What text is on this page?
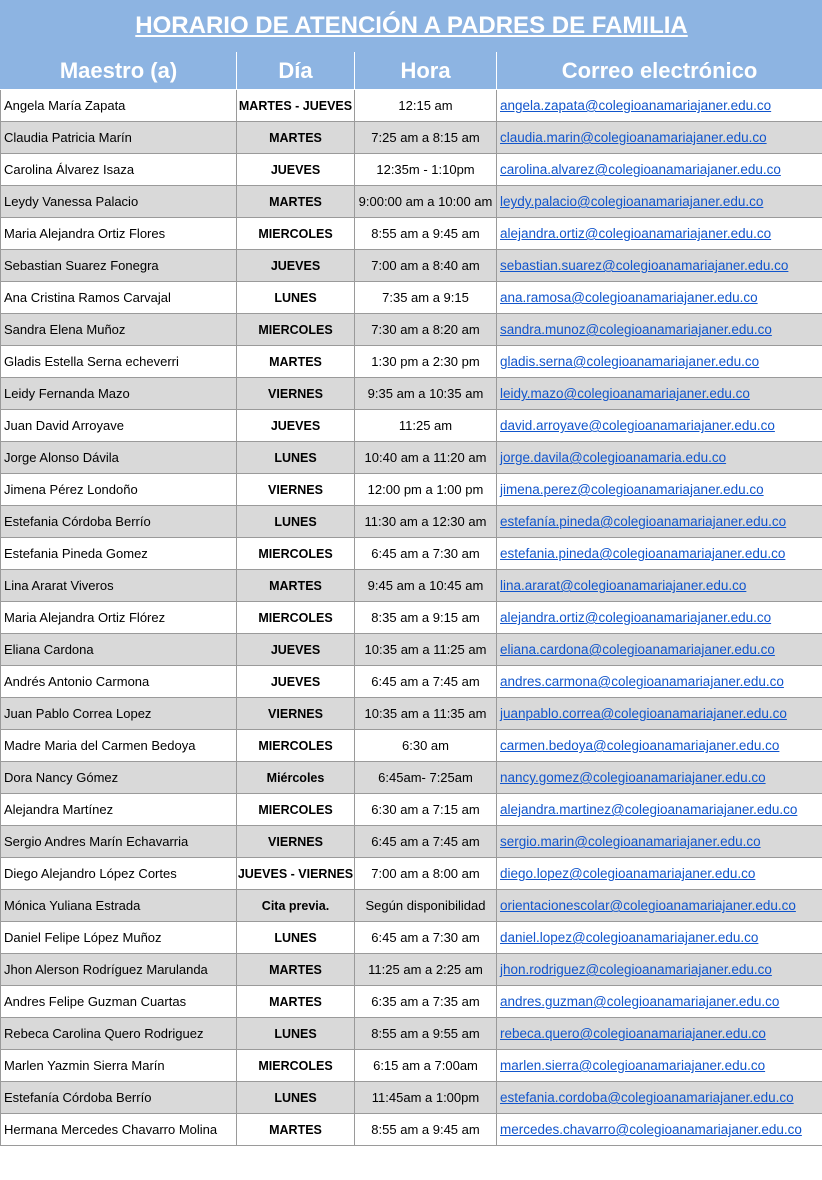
HORARIO DE ATENCIÓN A PADRES DE FAMILIA			
Maestro (a)	Día	Hora	Correo electrónico
Angela María Zapata	MARTES - JUEVES	12:15 am	angela.zapata@colegioanamariajaner.edu.co
Claudia Patricia Marín	MARTES	7:25 am a 8:15 am	claudia.marin@colegioanamariajaner.edu.co
Carolina Álvarez Isaza	JUEVES	12:35m - 1:10pm	carolina.alvarez@colegioanamariajaner.edu.co
Leydy Vanessa Palacio	MARTES	9:00:00 am a 10:00 am	leydy.palacio@colegioanamariajaner.edu.co
Maria Alejandra Ortiz Flores	MIERCOLES	8:55 am a 9:45 am	alejandra.ortiz@colegioanamariajaner.edu.co
Sebastian Suarez Fonegra	JUEVES	7:00 am a 8:40 am	sebastian.suarez@colegioanamariajaner.edu.co
Ana Cristina Ramos Carvajal	LUNES	7:35 am a 9:15	ana.ramosa@colegioanamariajaner.edu.co
Sandra Elena Muñoz	MIERCOLES	7:30 am a 8:20 am	sandra.munoz@colegioanamariajaner.edu.co
Gladis Estella Serna echeverri	MARTES	1:30 pm a 2:30 pm	gladis.serna@colegioanamariajaner.edu.co
Leidy Fernanda Mazo	VIERNES	9:35 am a 10:35 am	leidy.mazo@colegioanamariajaner.edu.co
Juan David Arroyave	JUEVES	11:25 am	david.arroyave@colegioanamariajaner.edu.co
Jorge Alonso Dávila	LUNES	10:40 am a 11:20 am	jorge.davila@colegioanamaria.edu.co
Jimena Pérez Londoño	VIERNES	12:00 pm a 1:00 pm	jimena.perez@colegioanamariajaner.edu.co
Estefania Córdoba Berrío	LUNES	11:30 am a 12:30 am	estefanía.pineda@colegioanamariajaner.edu.co
Estefania Pineda Gomez	MIERCOLES	6:45 am a 7:30 am	estefania.pineda@colegioanamariajaner.edu.co
Lina Ararat Viveros	MARTES	9:45 am a 10:45 am	lina.ararat@colegioanamariajaner.edu.co
Maria Alejandra Ortiz Flórez	MIERCOLES	8:35 am a 9:15 am	alejandra.ortiz@colegioanamariajaner.edu.co
Eliana Cardona	JUEVES	10:35 am a 11:25 am	eliana.cardona@colegioanamariajaner.edu.co
Andrés Antonio Carmona	JUEVES	6:45 am a 7:45 am	andres.carmona@colegioanamariajaner.edu.co
Juan Pablo Correa Lopez	VIERNES	10:35 am a 11:35 am	juanpablo.correa@colegioanamariajaner.edu.co
Madre Maria del Carmen Bedoya	MIERCOLES	6:30 am	carmen.bedoya@colegioanamariajaner.edu.co
Dora Nancy Gómez	Miércoles	6:45am- 7:25am	nancy.gomez@colegioanamariajaner.edu.co
Alejandra Martínez	MIERCOLES	6:30 am a 7:15 am	alejandra.martinez@colegioanamariajaner.edu.co
Sergio Andres Marín Echavarria	VIERNES	6:45 am a 7:45 am	sergio.marin@colegioanamariajaner.edu.co
Diego Alejandro López Cortes	JUEVES - VIERNES	7:00 am a 8:00 am	diego.lopez@colegioanamariajaner.edu.co
Mónica Yuliana Estrada	Cita previa.	Según disponibilidad	orientacionescolar@colegioanamariajaner.edu.co
Daniel Felipe López Muñoz	LUNES	6:45 am a 7:30 am	daniel.lopez@colegioanamariajaner.edu.co
Jhon Alerson Rodríguez Marulanda	MARTES	11:25 am a 2:25 am	jhon.rodriguez@colegioanamariajaner.edu.co
Andres Felipe Guzman Cuartas	MARTES	6:35 am a 7:35 am	andres.guzman@colegioanamariajaner.edu.co
Rebeca Carolina Quero Rodriguez	LUNES	8:55 am a 9:55 am	rebeca.quero@colegioanamariajaner.edu.co
Marlen Yazmin Sierra Marín	MIERCOLES	6:15 am a 7:00am	marlen.sierra@colegioanamariajaner.edu.co
Estefanía Córdoba Berrío	LUNES	11:45am a 1:00pm	estefania.cordoba@colegioanamariajaner.edu.co
Hermana Mercedes Chavarro Molina	MARTES	8:55 am a 9:45 am	mercedes.chavarro@colegioanamariajaner.edu.co
